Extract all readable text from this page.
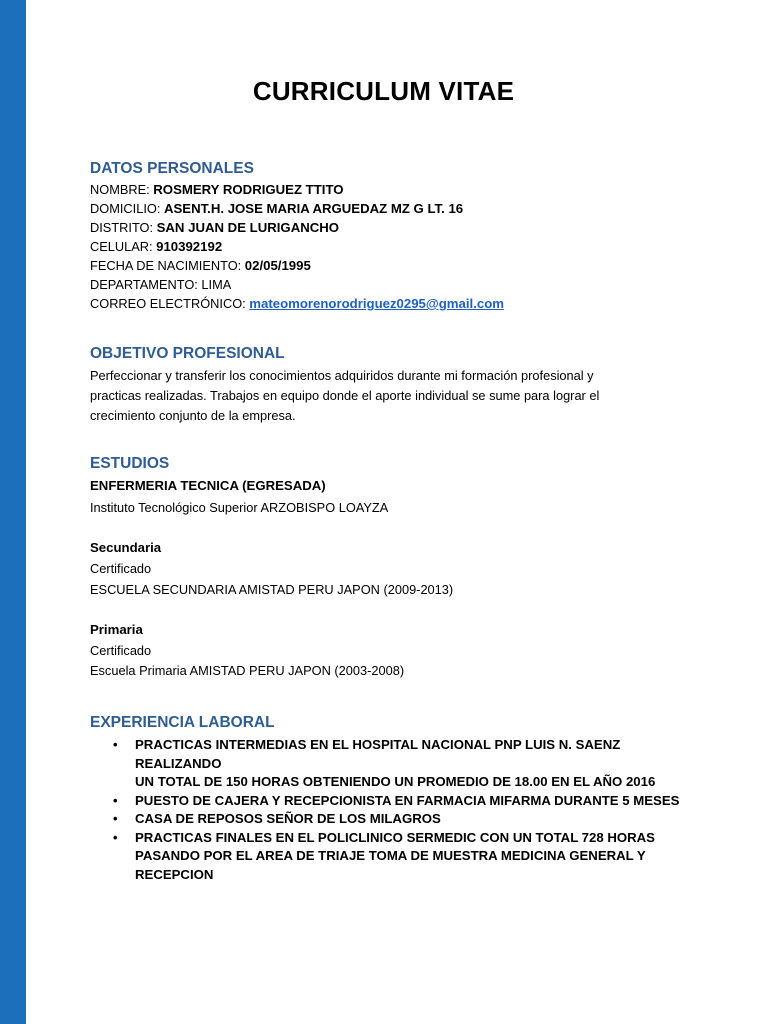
CURRICULUM VITAE
DATOS PERSONALES
NOMBRE: ROSMERY RODRIGUEZ TTITO
DOMICILIO: ASENT.H. JOSE MARIA ARGUEDAZ MZ G LT. 16
DISTRITO: SAN JUAN DE LURIGANCHO
CELULAR: 910392192
FECHA DE NACIMIENTO: 02/05/1995
DEPARTAMENTO: LIMA
CORREO ELECTRÓNICO: mateomorenorodriguez0295@gmail.com
OBJETIVO PROFESIONAL
Perfeccionar y transferir los conocimientos adquiridos durante mi formación profesional y
practicas realizadas. Trabajos en equipo donde el aporte individual se sume para lograr el
crecimiento conjunto de la empresa.
ESTUDIOS
ENFERMERIA TECNICA (EGRESADA)
Instituto Tecnológico Superior ARZOBISPO LOAYZA
Secundaria
Certificado
ESCUELA SECUNDARIA AMISTAD PERU JAPON (2009-2013)
Primaria
Certificado
Escuela Primaria AMISTAD PERU JAPON (2003-2008)
EXPERIENCIA LABORAL
• PRACTICAS INTERMEDIAS EN EL HOSPITAL NACIONAL PNP LUIS N. SAENZ REALIZANDO
UN TOTAL DE 150 HORAS OBTENIENDO UN PROMEDIO DE 18.00 EN EL AÑO 2016
• PUESTO DE CAJERA Y RECEPCIONISTA EN FARMACIA MIFARMA DURANTE 5 MESES
• CASA DE REPOSOS SEÑOR DE LOS MILAGROS
• PRACTICAS FINALES EN EL POLICLINICO SERMEDIC CON UN TOTAL 728 HORAS
PASANDO POR EL AREA DE TRIAJE TOMA DE MUESTRA MEDICINA GENERAL Y
RECEPCION
